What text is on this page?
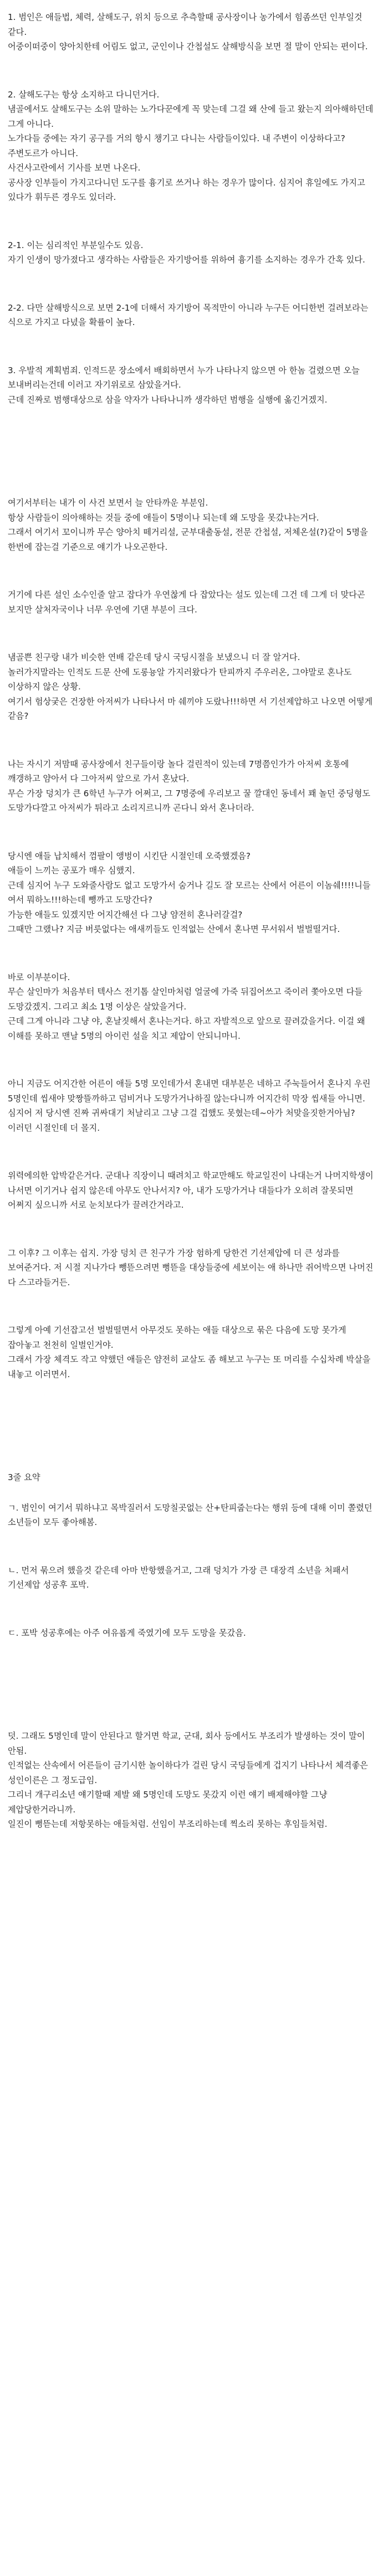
1. 범인은 애들법, 체력, 살해도구, 위치 등으로 추측할때 공사장이나 농가에서 힘좀쓰던 인부일것 같다.
어중이떠중이 양아치한테 어림도 없고, 군인이나 간첩설도 살해방식을 보면 절 말이 안되는 편이다.

2. 살해도구는 항상 소지하고 다니던거다.
냄골에서도 살해도구는 소위 말하는 노가다꾼에게 꼭 맞는데 그걸 왜 산에 들고 왔는지 의아해하던데 그게 아니다.
노가다들 중에는 자기 공구를 거의 항시 챙기고 다니는 사람들이있다. 내 주변이 이상하다고? 주변도르가 아니다.
사건사고란에서 기사를 보면 나온다.
공사장 인부들이 가지고다니던 도구를 흉기로 쓰거나 하는 경우가 많이다. 심지어 휴일에도 가지고 있다가 휘두른 경우도 있더라.

2-1. 이는 심리적인 부분일수도 있음.
자기 인생이 망가졌다고 생각하는 사람들은 자기방어를 위하여 흉기를 소지하는 경우가 간혹 있다.

2-2. 다만 살해방식으로 보면 2-1에 더해서 자기방어 목적만이 아니라 누구든 어디한번 걸려보라는 식으로 가지고 다녔을 확률이 높다.

3. 우발적 계획범죄. 인적드문 장소에서 배회하면서 누가 나타나지 않으면 아 한놈 걸렸으면 오늘 보내버리는건데 이러고 자기위로로 삼았을거다.
근데 진짜로 범행대상으로 삼을 약자가 나타나니까 생각하던 범행을 실행에 옮긴거겠지.

여기서부터는 내가 이 사건 보면서 늘 안타까운 부분임.
항상 사람들이 의아해하는 것들 중에 애들이 5명이나 되는데 왜 도망을 못갔냐는거다.
그래서 여기서 꼬이니까 무슨 양아치 떼거리설, 군부대출동설, 전문 간첩설, 저체온설(?)같이 5명을 한번에 잡는걸 기준으로 얘기가 나오곤한다.

거기에 다른 설인 소수인줄 알고 잡다가 우연찮게 다 잡았다는 설도 있는데 그건 데 그게 더 맞다곤 보지만 살처자국이나 너무 우연에 기댄 부분이 크다.

냄골쁜 친구랑 내가 비슷한 연배 같은데 당시 국딩시절을 보냈으니 더 잘 알거다.
놀러가지말라는 인적도 드문 산에 도롱뇽알 가지러왔다가 탄피까지 주우러온, 그야말로 혼나도 이상하지 않은 상황.
여기서 험상궂은 건장한 아저씨가 나타나서 마 쉐끼야 도랐나!!!하면 서 기선제압하고 나오면 어떻게 같음?

나는 자시기 저맘때 공사장에서 친구들이랑 놀다 걸린적이 있는데 7명쯤인가가 아저씨 호통에 깨갱하고 얌아서 다 그아저씨 앞으로 가서 혼났다.
무슨 가장 덩치가 큰 6학년 누구가 어쩌고, 그 7명중에 우리보고 꿀 깔대인 동네서 꽤 놀던 중딩형도 도망가다깔고 아저씨가 튀라고 소리지르니까 곤다니 와서 혼나더라.

당시엔 애들 납치해서 껌팔이 앵벙이 시킨단 시절인데 오죽했겠음?
애들이 느끼는 공포가 매우 심했지.
근데 심지어 누구 도와줄사람도 없고 도망가서 숨거나 길도 잘 모르는 산에서 어른이 이놈쉐!!!!니들 여서 뭐하노!!!하는데 뺑까고 도망간다?
가능한 애들도 있겠지만 어지간해선 다 그냥 얌전히 혼나러갈걸?
그때만 그랬나? 지금 버릇없다는 애새끼들도 인적없는 산에서 혼나면 무서워서 벌벌떨거다.

바로 이부분이다.
무슨 살인마가 처음부터 텍사스 전기톱 살인마처럼 얼굴에 가죽 뒤집어쓰고 죽이러 쫓아오면 다들 도망갔겠지. 그리고 최소 1명 이상은 살았을거다.
근데 그게 아니라 그냥 야, 혼날짓해서 혼나는거다. 하고 자발적으로 앞으로 끌려갔을거다. 이걸 왜 이해를 못하고 맨날 5명의 아이런 설을 치고 제압이 안되니마니.

아니 지금도 어지간한 어른이 애들 5명 모인데가서 혼내면 대부분은 네하고 주눅들어서 혼나지 우린 5명인데 씹새야 맞짱뜰까하고 덤비거나 도망가거나하질 않는다니까 어지간히 막장 씹새들 아니면. 심지어 저 당시엔 진짜 귀싸대기 처날리고 그냥 그걸 겁했도 못혔는데~아가 처맞을짓한거아님? 이러던 시절인데 더 몰지.

위력에의한 압박같은거다. 군대나 직장이니 때려치고 학교만해도 학교일진이 나대는거 나머지학생이 나서면 이기거나 쉽지 않은데 아무도 안나서지? 아, 내가 도망가거나 대들다가 오히려 잘못되면 어쩌지 싶으니까 서로 눈치보다가 끌려간거라고.

그 이후? 그 이후는 쉽지. 가장 덩치 큰 친구가 가장 험하게 당한건 기선제압에 더 큰 성과를 보여준거다. 저 시절 지나가다 뺑뜯으려면 뻥뜯을 대상들중에 세보이는 애 하나만 쥐어박으면 나머진 다 스고라들거든.

그렇게 아예 기선잡고선 벌벌떨면서 아무것도 못하는 애들 대상으로 묶은 다음에 도망 못가게 잡아놓고 천천히 일벌인거야.
그래서 가장 체격도 작고 약했던 애들은 얌전히 교살도 좀 해보고 누구는 또 머리를 수십차례 박살을 내놓고 이러면서.

3줄 요약

ㄱ. 범인이 여기서 뭐하냐고 목박질러서 도망칠곳없는 산+탄피줍는다는 행위 등에 대해 이미 쫄렸던 소년들이 모두 좋아해봄.

ㄴ. 먼저 묶으려 했을것 같은데 아마 반항했을거고, 그래 덩치가 가장 큰 대장격 소년을 처패서 기선제압 성공후 포박.

ㄷ. 포박 성공후에는 아주 여유롭게 죽였기에 모두 도망을 못갔음.

덧. 그래도 5명인데 말이 안된다고 할거면 학교, 군대, 회사 등에서도 부조리가 발생하는 것이 말이 안됨.
인적없는 산속에서 어른들이 금기시한 놀이하다가 걸린 당시 국딩들에게 겁지기 나타나서 체격좋은 성인이른은 그 정도급임.
그리너 개구리소년 얘기할때 제발 왜 5명인데 도망도 못갔지 이런 얘기 배제해야할 그냥 제압당한거라니까.
일진이 뻥뜯는데 저항못하는 애들처럼. 선임이 부조리하는데 찍소리 못하는 후임들처럼.
